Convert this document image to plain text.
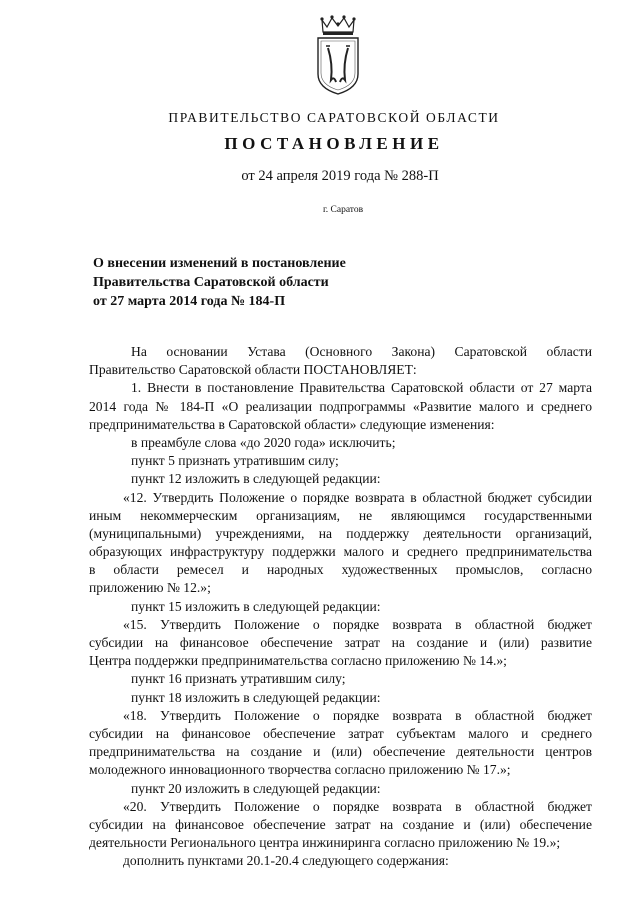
ПРАВИТЕЛЬСТВО САРАТОВСКОЙ ОБЛАСТИ
ПОСТАНОВЛЕНИЕ
от 24 апреля 2019 года № 288-П
г. Саратов
О внесении изменений в постановление
Правительства Саратовской области
от 27 марта 2014 года № 184-П
На основании Устава (Основного Закона) Саратовской области
Правительство Саратовской области ПОСТАНОВЛЯЕТ:
1. Внести в постановление Правительства Саратовской области от 27 марта
2014 года № 184-П «О реализации подпрограммы «Развитие малого и среднего
предпринимательства в Саратовской области» следующие изменения:
в преамбуле слова «до 2020 года» исключить;
пункт 5 признать утратившим силу;
пункт 12 изложить в следующей редакции:
«12. Утвердить Положение о порядке возврата в областной бюджет субсидии
иным некоммерческим организациям, не являющимся государственными
(муниципальными) учреждениями, на поддержку деятельности организаций,
образующих инфраструктуру поддержки малого и среднего предпринимательства
в области ремесел и народных художественных промыслов, согласно
приложению № 12.»;
пункт 15 изложить в следующей редакции:
«15. Утвердить Положение о порядке возврата в областной бюджет
субсидии на финансовое обеспечение затрат на создание и (или) развитие
Центра поддержки предпринимательства согласно приложению № 14.»;
пункт 16 признать утратившим силу;
пункт 18 изложить в следующей редакции:
«18. Утвердить Положение о порядке возврата в областной бюджет
субсидии на финансовое обеспечение затрат субъектам малого и среднего
предпринимательства на создание и (или) обеспечение деятельности центров
молодежного инновационного творчества согласно приложению № 17.»;
пункт 20 изложить в следующей редакции:
«20. Утвердить Положение о порядке возврата в областной бюджет
субсидии на финансовое обеспечение затрат на создание и (или) обеспечение
деятельности Регионального центра инжиниринга согласно приложению № 19.»;
дополнить пунктами 20.1-20.4 следующего содержания:
